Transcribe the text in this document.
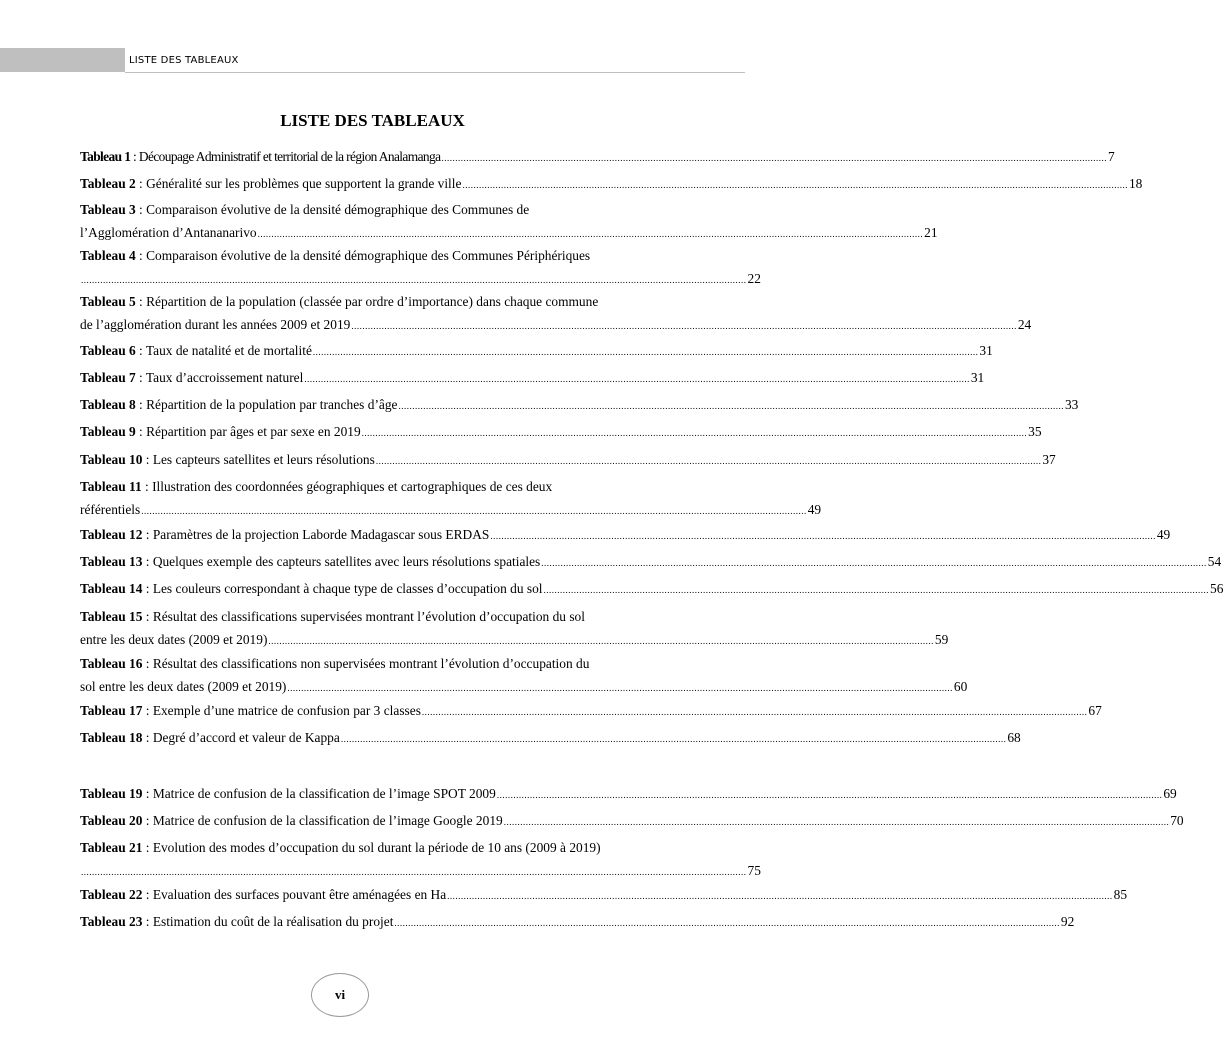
LISTE DES TABLEAUX
LISTE DES TABLEAUX
Tableau 1 : Découpage Administratif et territorial de la région Analamanga .................................................................................................................................................................................................................................................. 7
Tableau 2 : Généralité sur les problèmes que supportent la grande ville .................................................................................................................................................................................................................................................. 18
Tableau 3 : Comparaison évolutive de la densité démographique des Communes de
l’Agglomération d’Antananarivo .................................................................................................................................................................................................................................................. 21
Tableau 4 : Comparaison évolutive de la densité démographique des Communes Périphériques
.................................................................................................................................................................................................................................................. 22
Tableau 5 : Répartition de la population (classée par ordre d’importance) dans chaque commune
de l’agglomération durant les années 2009 et 2019 .................................................................................................................................................................................................................................................. 24
Tableau 6 : Taux de natalité et de mortalité .................................................................................................................................................................................................................................................. 31
Tableau 7 : Taux d’accroissement naturel .................................................................................................................................................................................................................................................. 31
Tableau 8 : Répartition de la population par tranches d’âge .................................................................................................................................................................................................................................................. 33
Tableau 9 : Répartition par âges et par sexe en 2019 .................................................................................................................................................................................................................................................. 35
Tableau 10 : Les capteurs satellites et leurs résolutions .................................................................................................................................................................................................................................................. 37
Tableau 11 : Illustration des coordonnées géographiques et cartographiques de ces deux
référentiels .................................................................................................................................................................................................................................................. 49
Tableau 12 : Paramètres de la projection Laborde Madagascar sous ERDAS .................................................................................................................................................................................................................................................. 49
Tableau 13 : Quelques exemple des capteurs satellites avec leurs résolutions spatiales .................................................................................................................................................................................................................................................. 54
Tableau 14 : Les couleurs correspondant à chaque type de classes d’occupation du sol .................................................................................................................................................................................................................................................. 56
Tableau 15 : Résultat des classifications supervisées montrant l’évolution d’occupation du sol
entre les deux dates (2009 et 2019) .................................................................................................................................................................................................................................................. 59
Tableau 16 : Résultat des classifications non supervisées montrant l’évolution d’occupation du
sol entre les deux dates (2009 et 2019) .................................................................................................................................................................................................................................................. 60
Tableau 17 : Exemple d’une matrice de confusion par 3 classes .................................................................................................................................................................................................................................................. 67
Tableau 18 : Degré d’accord et valeur de Kappa .................................................................................................................................................................................................................................................. 68
Tableau 19 : Matrice de confusion de la classification de l’image SPOT 2009 .................................................................................................................................................................................................................................................. 69
Tableau 20 : Matrice de confusion de la classification de l’image Google 2019 .................................................................................................................................................................................................................................................. 70
Tableau 21 : Evolution des modes d’occupation du sol durant la période de 10 ans (2009 à 2019)
.................................................................................................................................................................................................................................................. 75
Tableau 22 : Evaluation des surfaces pouvant être aménagées en Ha .................................................................................................................................................................................................................................................. 85
Tableau 23 : Estimation du coût de la réalisation du projet .................................................................................................................................................................................................................................................. 92
vi
